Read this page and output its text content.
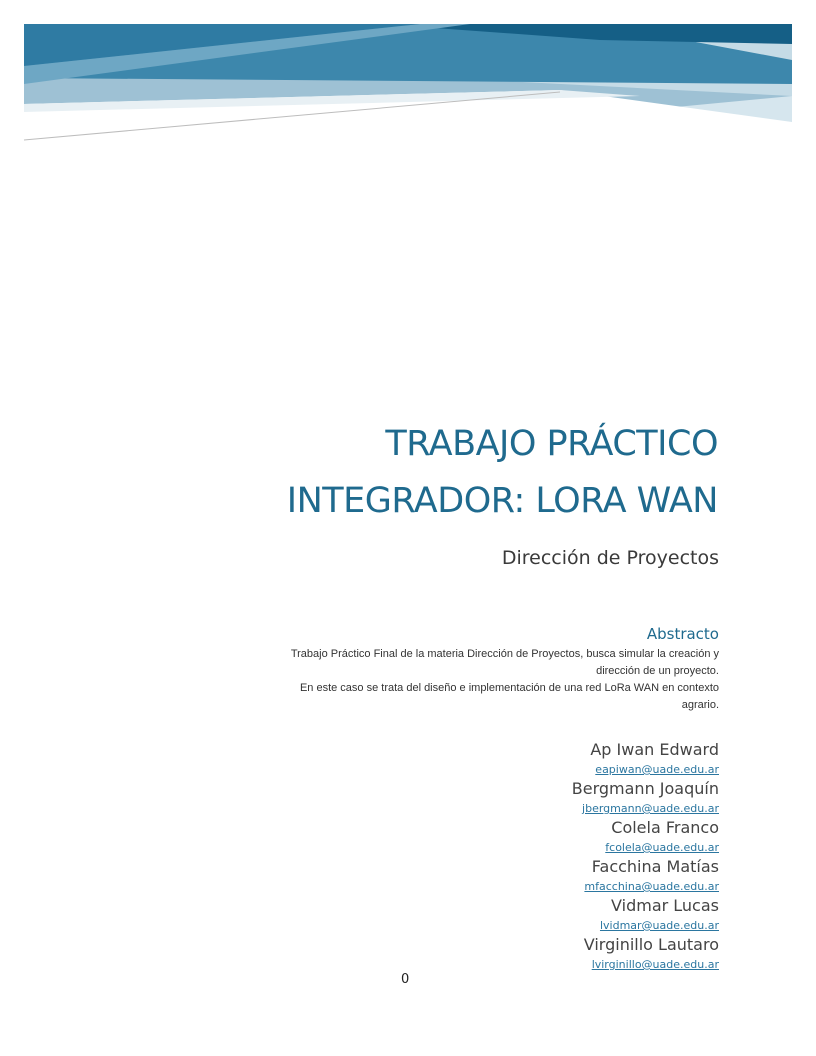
TRABAJO PRÁCTICO
INTEGRADOR: LORA WAN
Dirección de Proyectos
Abstracto
Trabajo Práctico Final de la materia Dirección de Proyectos, busca simular la creación y
dirección de un proyecto.
En este caso se trata del diseño e implementación de una red LoRa WAN en contexto
agrario.
Ap Iwan Edward
eapiwan@uade.edu.ar
Bergmann Joaquín
jbergmann@uade.edu.ar
Colela Franco
fcolela@uade.edu.ar
Facchina Matías
mfacchina@uade.edu.ar
Vidmar Lucas
lvidmar@uade.edu.ar
Virginillo Lautaro
lvirginillo@uade.edu.ar
0
